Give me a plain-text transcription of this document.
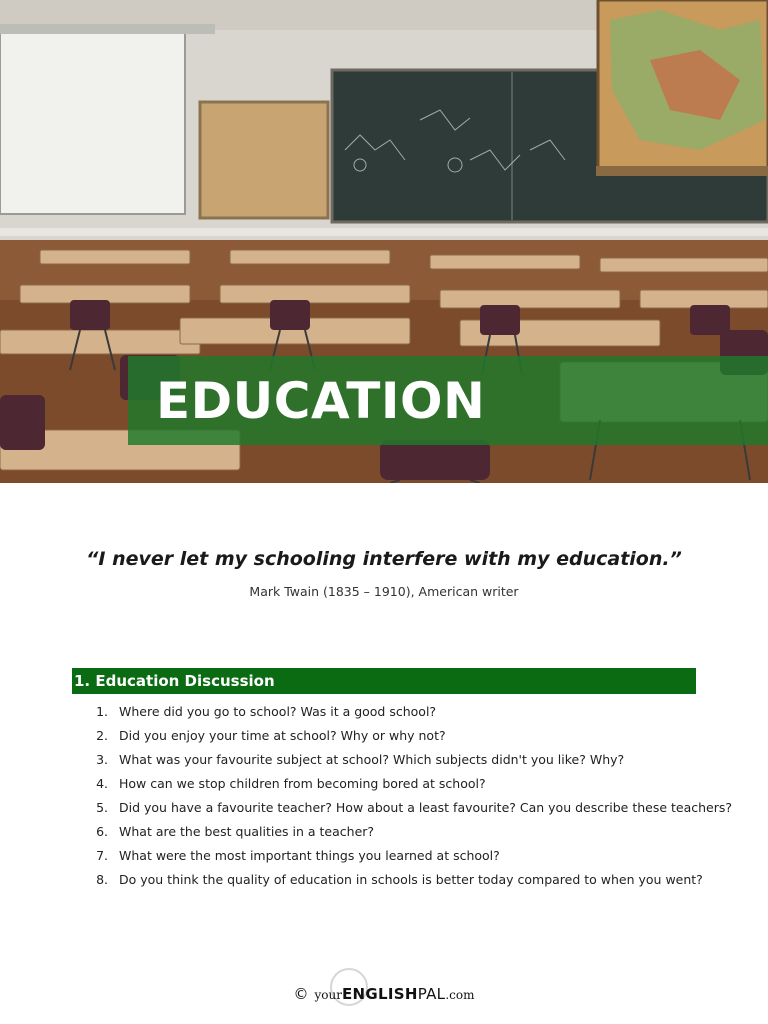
EDUCATION
“I never let my schooling interfere with my education.”
Mark Twain (1835 – 1910), American writer
1. Education Discussion
1. Where did you go to school? Was it a good school?
2. Did you enjoy your time at school? Why or why not?
3. What was your favourite subject at school? Which subjects didn't you like? Why?
4. How can we stop children from becoming bored at school?
5. Did you have a favourite teacher? How about a least favourite? Can you describe these teachers?
6. What are the best qualities in a teacher?
7. What were the most important things you learned at school?
8. Do you think the quality of education in schools is better today compared to when you went?
© yourENGLISHPAL.com
